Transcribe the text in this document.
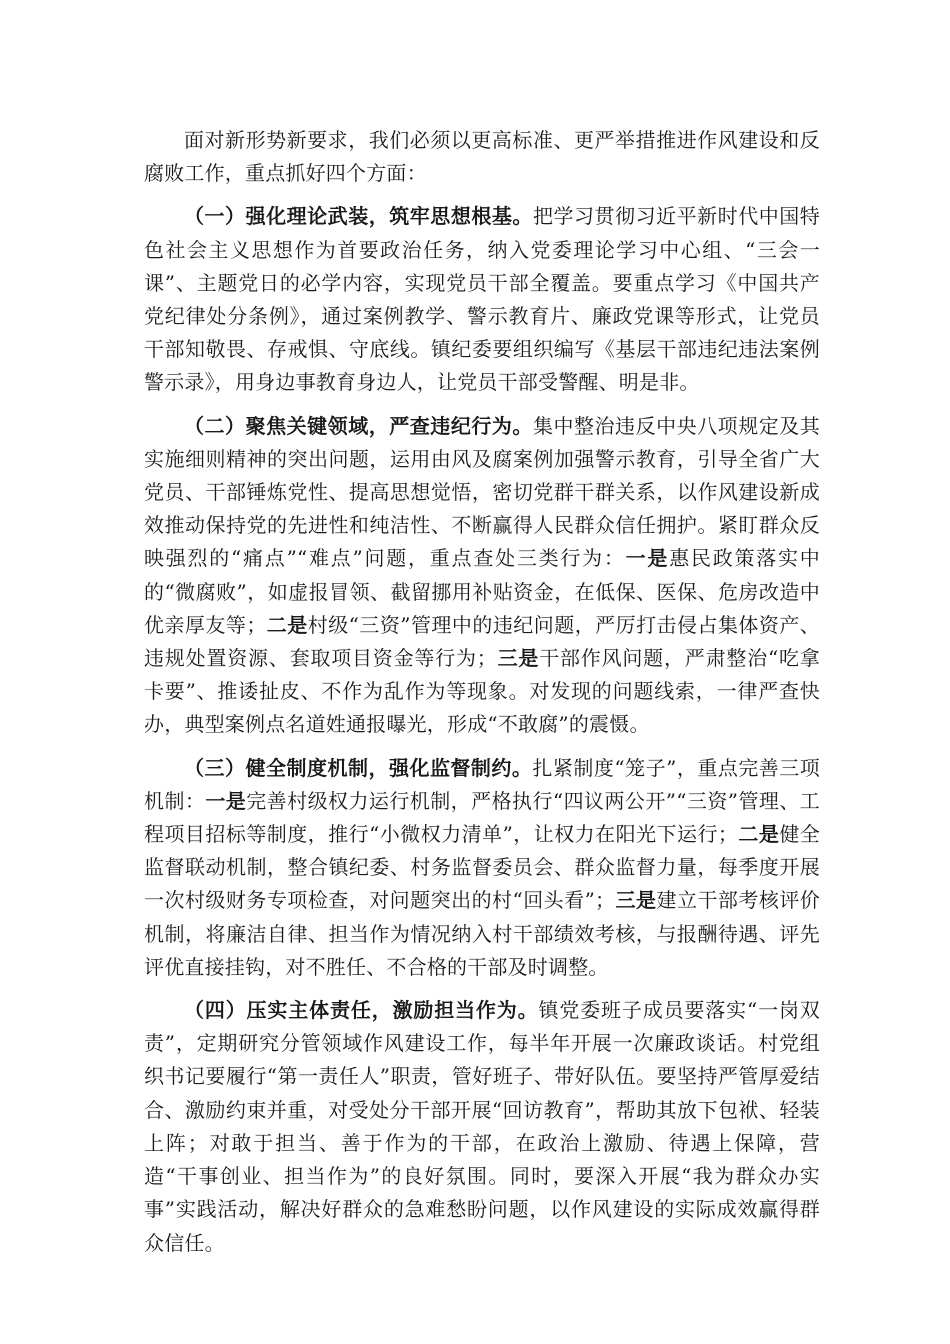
面对新形势新要求，我们必须以更高标准、更严举措推进作风建设和反腐败工作，重点抓好四个方面：

（一）强化理论武装，筑牢思想根基。把学习贯彻习近平新时代中国特色社会主义思想作为首要政治任务，纳入党委理论学习中心组、“三会一课”、主题党日的必学内容，实现党员干部全覆盖。要重点学习《中国共产党纪律处分条例》，通过案例教学、警示教育片、廉政党课等形式，让党员干部知敬畏、存戒惧、守底线。镇纪委要组织编写《基层干部违纪违法案例警示录》，用身边事教育身边人，让党员干部受警醒、明是非。

（二）聚焦关键领域，严查违纪行为。集中整治违反中央八项规定及其实施细则精神的突出问题，运用由风及腐案例加强警示教育，引导全省广大党员、干部锤炼党性、提高思想觉悟，密切党群干群关系，以作风建设新成效推动保持党的先进性和纯洁性、不断赢得人民群众信任拥护。紧盯群众反映强烈的“痛点”“难点”问题，重点查处三类行为：一是惠民政策落实中的“微腐败”，如虚报冒领、截留挪用补贴资金，在低保、医保、危房改造中优亲厚友等；二是村级“三资”管理中的违纪问题，严厉打击侵占集体资产、违规处置资源、套取项目资金等行为；三是干部作风问题，严肃整治“吃拿卡要”、推诿扯皮、不作为乱作为等现象。对发现的问题线索，一律严查快办，典型案例点名道姓通报曝光，形成“不敢腐”的震慑。

（三）健全制度机制，强化监督制约。扎紧制度“笼子”，重点完善三项机制：一是完善村级权力运行机制，严格执行“四议两公开”“三资”管理、工程项目招标等制度，推行“小微权力清单”，让权力在阳光下运行；二是健全监督联动机制，整合镇纪委、村务监督委员会、群众监督力量，每季度开展一次村级财务专项检查，对问题突出的村“回头看”；三是建立干部考核评价机制，将廉洁自律、担当作为情况纳入村干部绩效考核，与报酬待遇、评先评优直接挂钩，对不胜任、不合格的干部及时调整。

（四）压实主体责任，激励担当作为。镇党委班子成员要落实“一岗双责”，定期研究分管领域作风建设工作，每半年开展一次廉政谈话。村党组织书记要履行“第一责任人”职责，管好班子、带好队伍。要坚持严管厚爱结合、激励约束并重，对受处分干部开展“回访教育”，帮助其放下包袱、轻装上阵；对敢于担当、善于作为的干部，在政治上激励、待遇上保障，营造“干事创业、担当作为”的良好氛围。同时，要深入开展“我为群众办实事”实践活动，解决好群众的急难愁盼问题，以作风建设的实际成效赢得群众信任。
